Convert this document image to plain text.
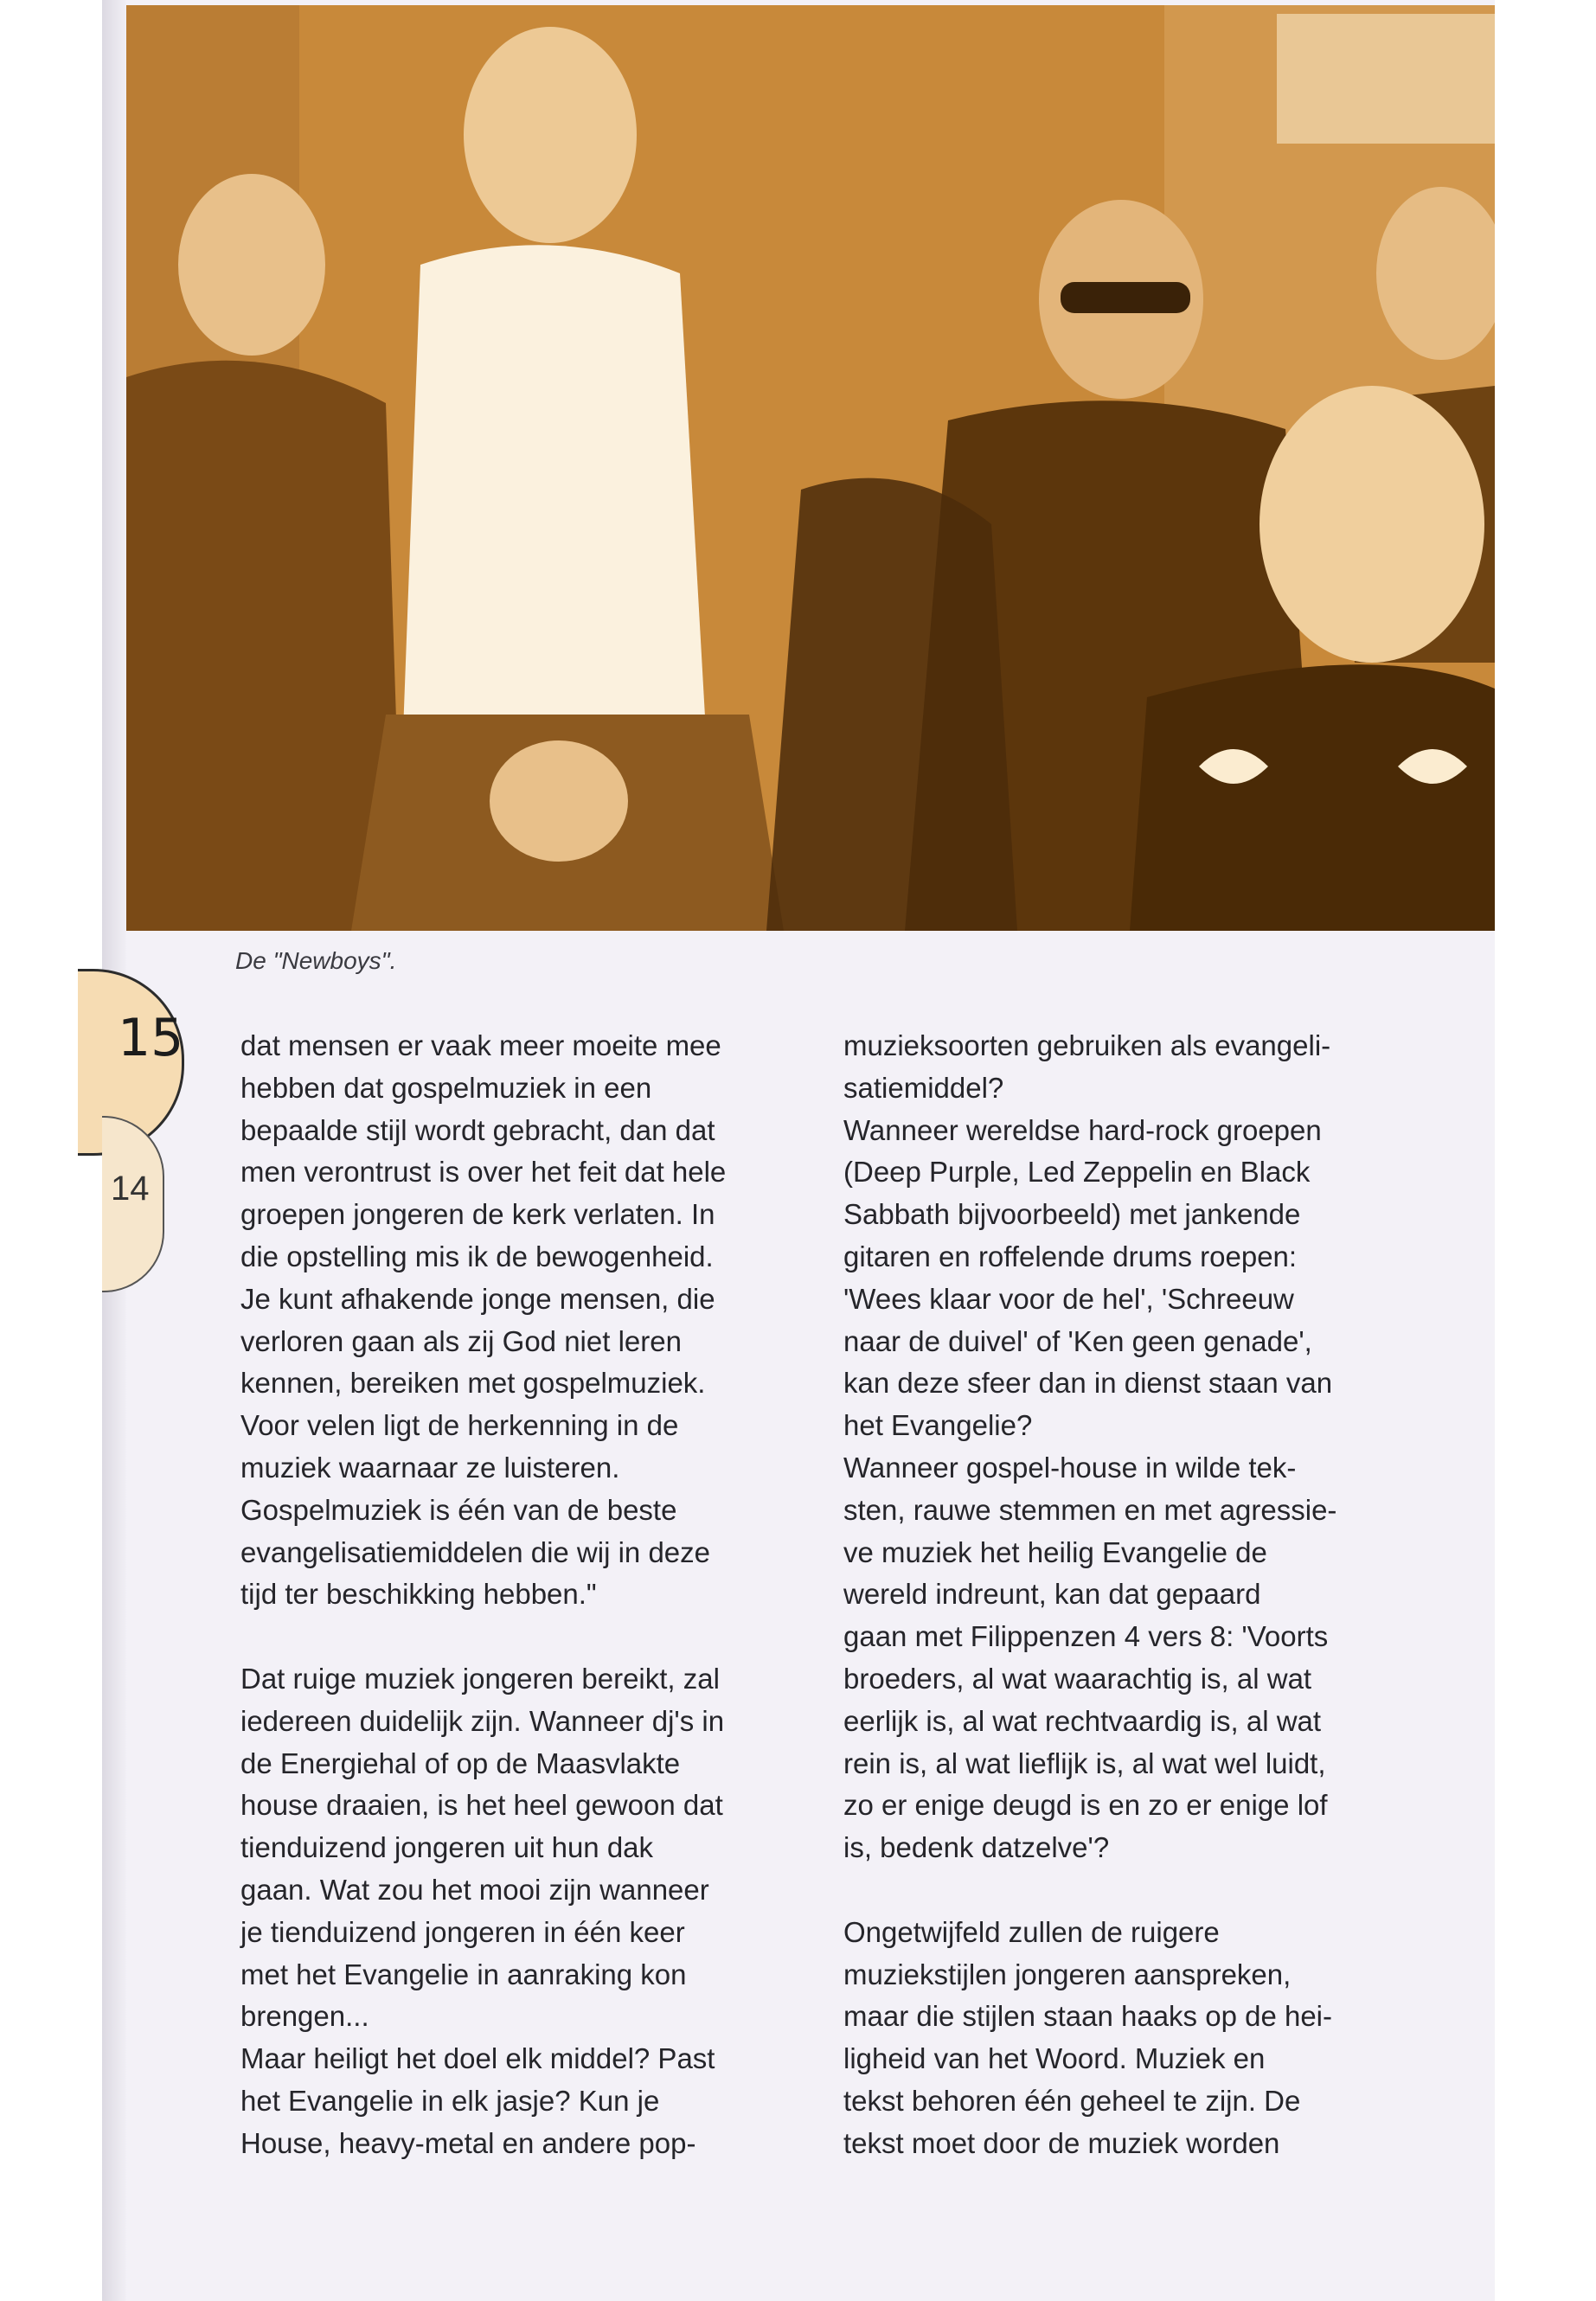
De "Newboys".
15
14
dat mensen er vaak meer moeite mee
hebben dat gospelmuziek in een
bepaalde stijl wordt gebracht, dan dat
men verontrust is over het feit dat hele
groepen jongeren de kerk verlaten. In
die opstelling mis ik de bewogenheid.
Je kunt afhakende jonge mensen, die
verloren gaan als zij God niet leren
kennen, bereiken met gospelmuziek.
Voor velen ligt de herkenning in de
muziek waarnaar ze luisteren.
Gospelmuziek is één van de beste
evangelisatiemiddelen die wij in deze
tijd ter beschikking hebben."
Dat ruige muziek jongeren bereikt, zal
iedereen duidelijk zijn. Wanneer dj's in
de Energiehal of op de Maasvlakte
house draaien, is het heel gewoon dat
tienduizend jongeren uit hun dak
gaan. Wat zou het mooi zijn wanneer
je tienduizend jongeren in één keer
met het Evangelie in aanraking kon
brengen...
Maar heiligt het doel elk middel? Past
het Evangelie in elk jasje? Kun je
House, heavy-metal en andere pop-
muzieksoorten gebruiken als evangeli-
satiemiddel?
Wanneer wereldse hard-rock groepen
(Deep Purple, Led Zeppelin en Black
Sabbath bijvoorbeeld) met jankende
gitaren en roffelende drums roepen:
'Wees klaar voor de hel', 'Schreeuw
naar de duivel' of 'Ken geen genade',
kan deze sfeer dan in dienst staan van
het Evangelie?
Wanneer gospel-house in wilde tek-
sten, rauwe stemmen en met agressie-
ve muziek het heilig Evangelie de
wereld indreunt, kan dat gepaard
gaan met Filippenzen 4 vers 8: 'Voorts
broeders, al wat waarachtig is, al wat
eerlijk is, al wat rechtvaardig is, al wat
rein is, al wat lieflijk is, al wat wel luidt,
zo er enige deugd is en zo er enige lof
is, bedenk datzelve'?
Ongetwijfeld zullen de ruigere
muziekstijlen jongeren aanspreken,
maar die stijlen staan haaks op de hei-
ligheid van het Woord. Muziek en
tekst behoren één geheel te zijn. De
tekst moet door de muziek worden
